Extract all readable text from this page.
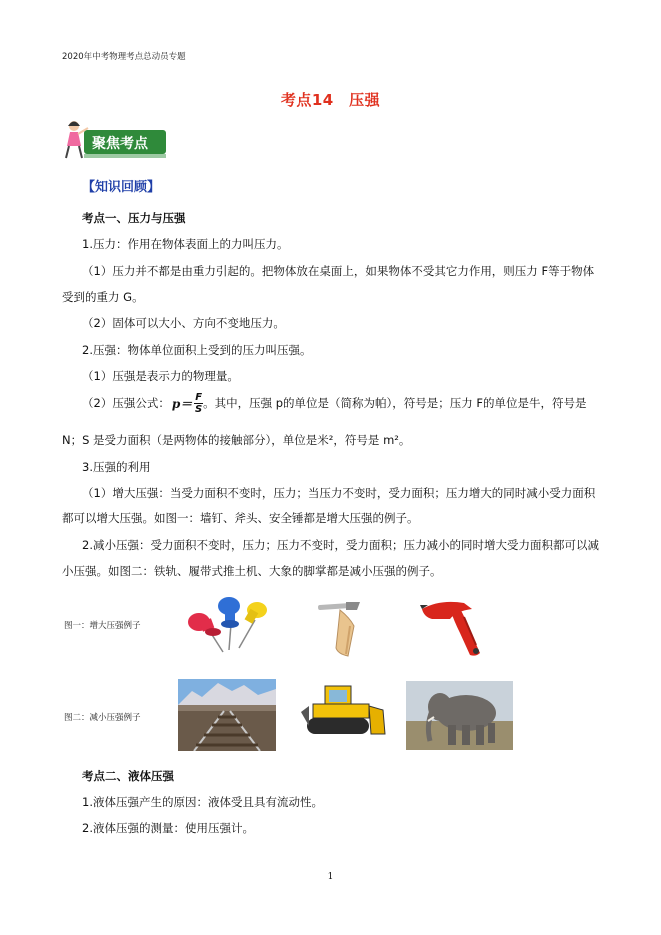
2020年中考物理考点总动员专题
考点14　压强
聚焦考点
【知识回顾】
考点一、压力与压强
1.压力：作用在物体表面上的力叫压力。
（1）压力并不都是由重力引起的。把物体放在桌面上，如果物体不受其它力作用，则压力 F等于物体
受到的重力 G。
（2）固体可以大小、方向不变地压力。
2.压强：物体单位面积上受到的压力叫压强。
（1）压强是表示力的物理量。
（2）压强公式： $p= \frac{F}{S}$ 。其中，压强 p的单位是（简称为帕），符号是；压力 F的单位是牛，符号是
N；S 是受力面积（是两物体的接触部分），单位是米²，符号是 m²。
3.压强的利用
（1）增大压强：当受力面积不变时，压力；当压力不变时，受力面积；压力增大的同时减小受力面积
都可以增大压强。如图一：墙钉、斧头、安全锤都是增大压强的例子。
2.减小压强：受力面积不变时，压力；压力不变时，受力面积；压力减小的同时增大受力面积都可以减
小压强。如图二：铁轨、履带式推土机、大象的脚掌都是减小压强的例子。
图一：增大压强例子
图二：减小压强例子
考点二、液体压强
1.液体压强产生的原因：液体受且具有流动性。
2.液体压强的测量：使用压强计。
1
